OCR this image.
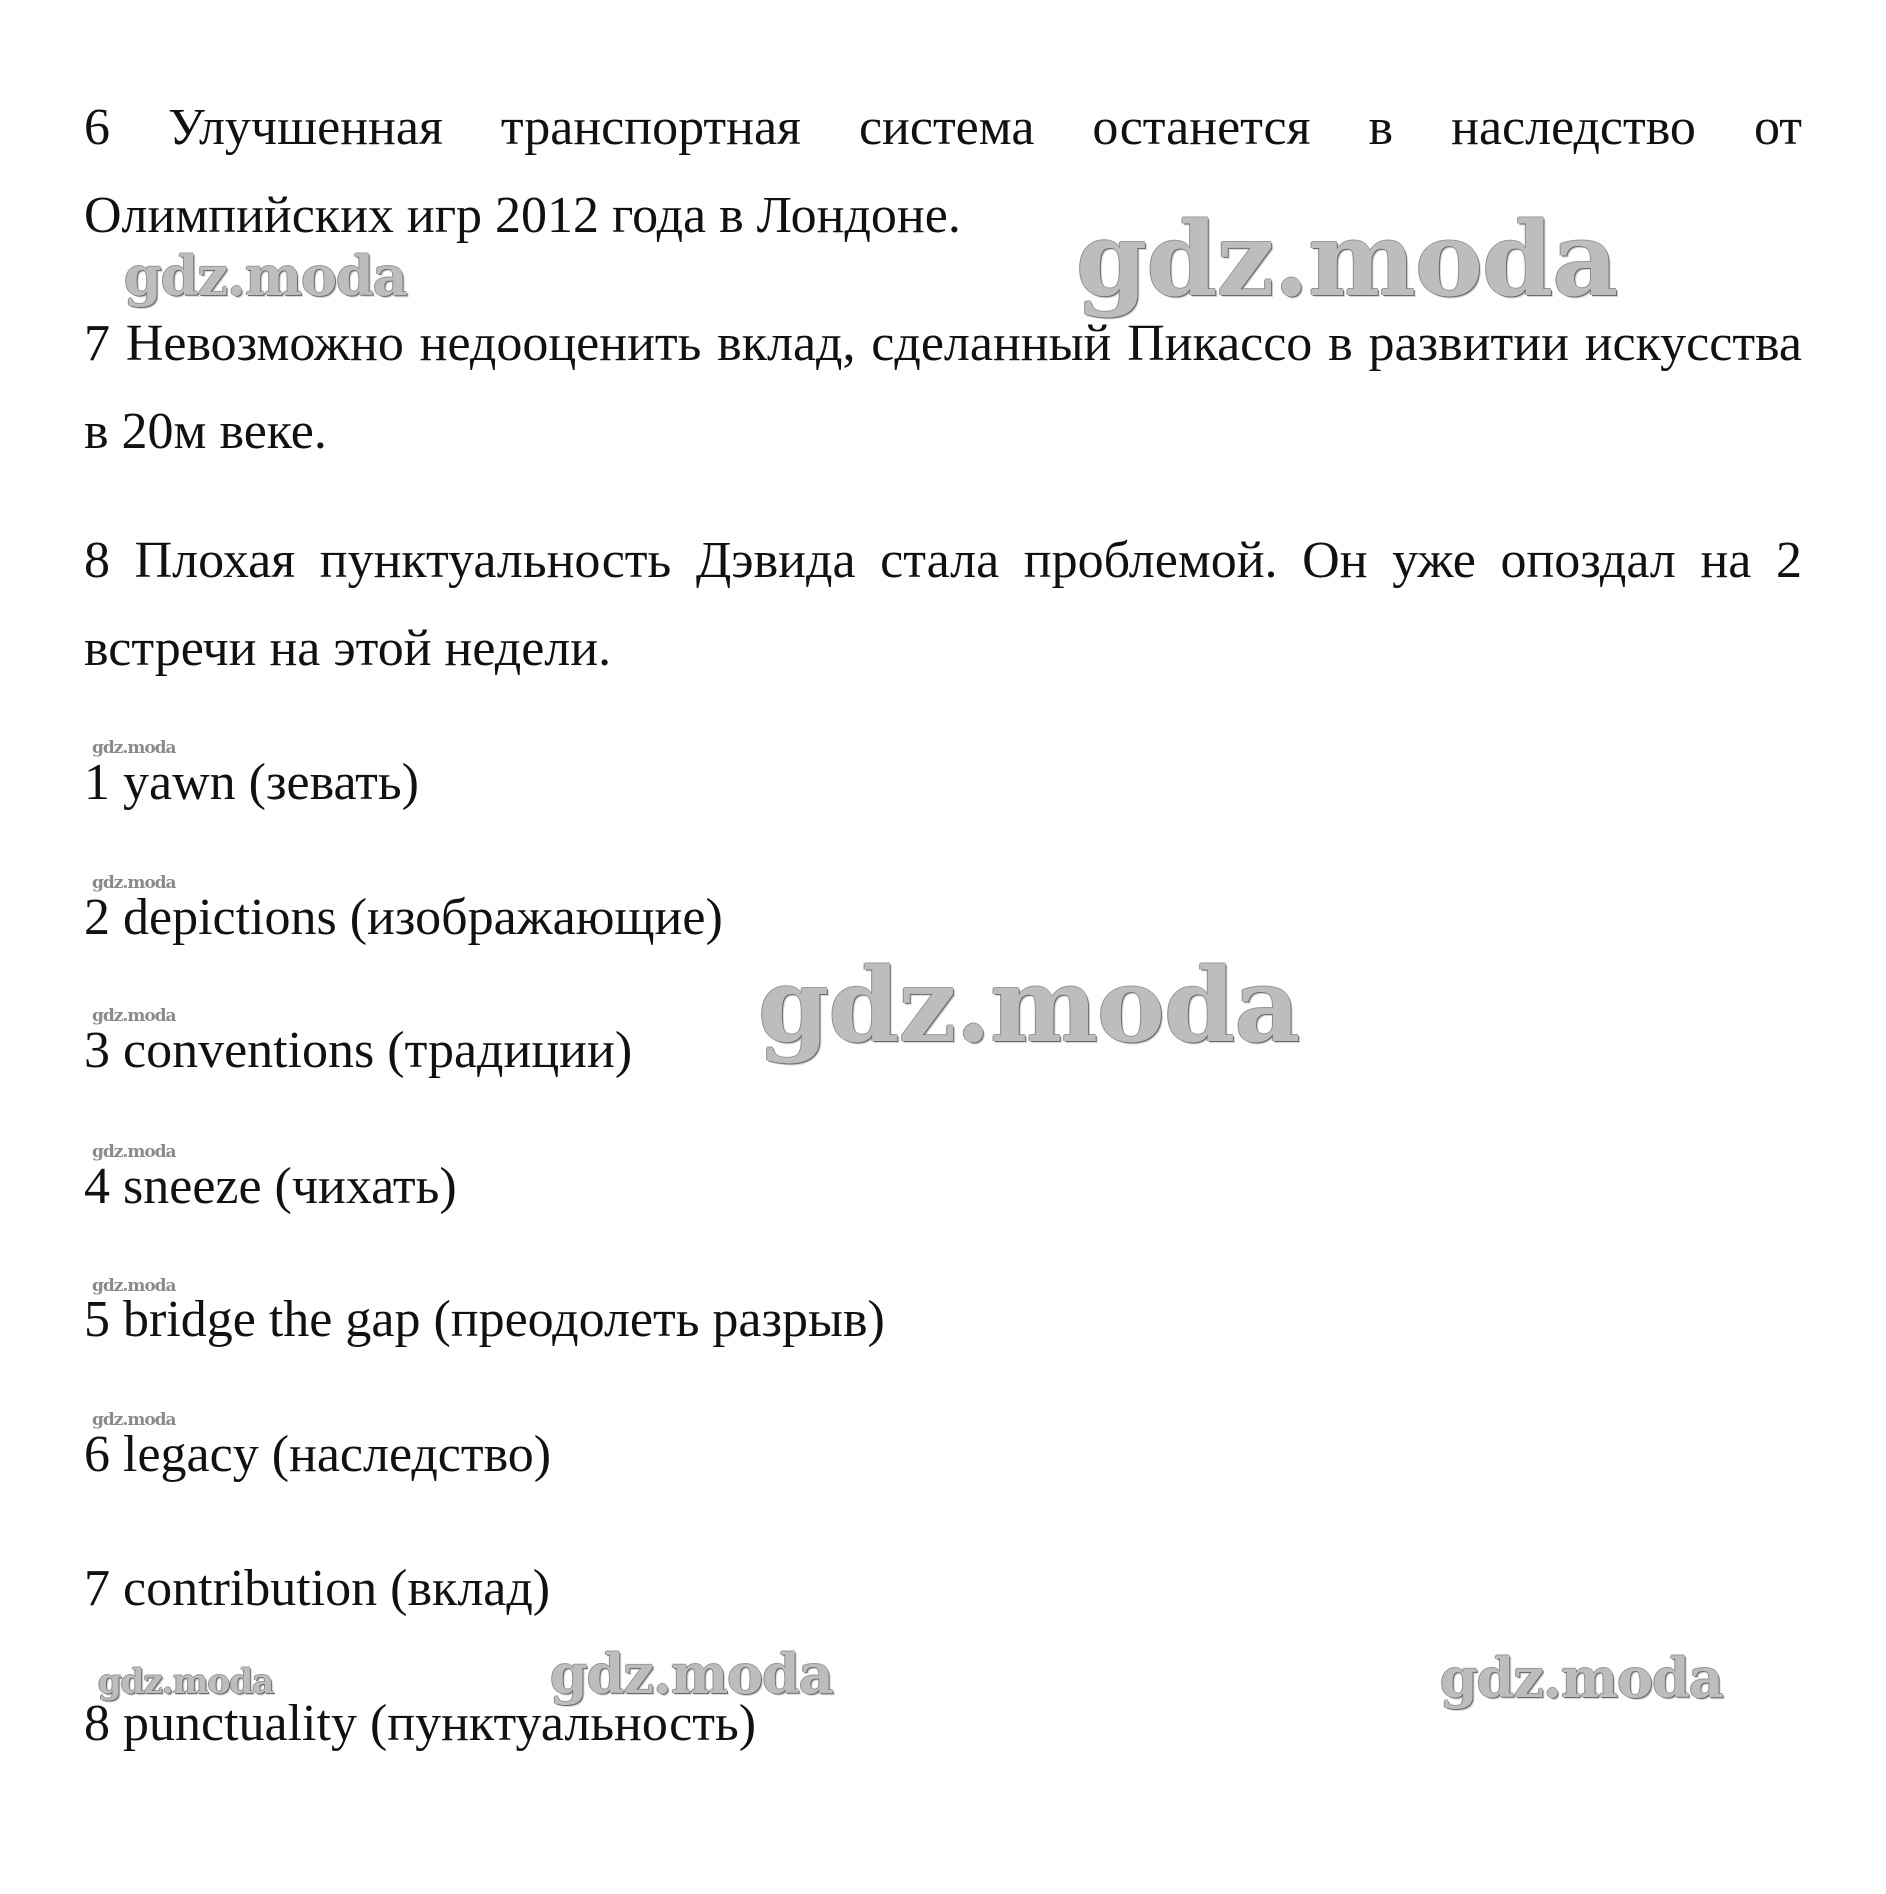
6 Улучшенная транспортная система останется в наследство от Олимпийских игр 2012 года в Лондоне.

7 Невозможно недооценить вклад, сделанный Пикассо в развитии искусства в 20м веке.

8 Плохая пунктуальность Дэвида стала проблемой. Он уже опоздал на 2 встречи на этой недели.

1 yawn (зевать)

2 depictions (изображающие)

3 conventions (традиции)

4 sneeze (чихать)

5 bridge the gap (преодолеть разрыв)

6 legacy (наследство)

7 contribution (вклад)

8 punctuality (пунктуальность)

gdz.moda	gdz.moda
gdz.moda
gdz.moda
gdz.moda	gdz.moda
gdz.moda
gdz.moda
gdz.moda
gdz.moda	gdz.moda	gdz.moda
